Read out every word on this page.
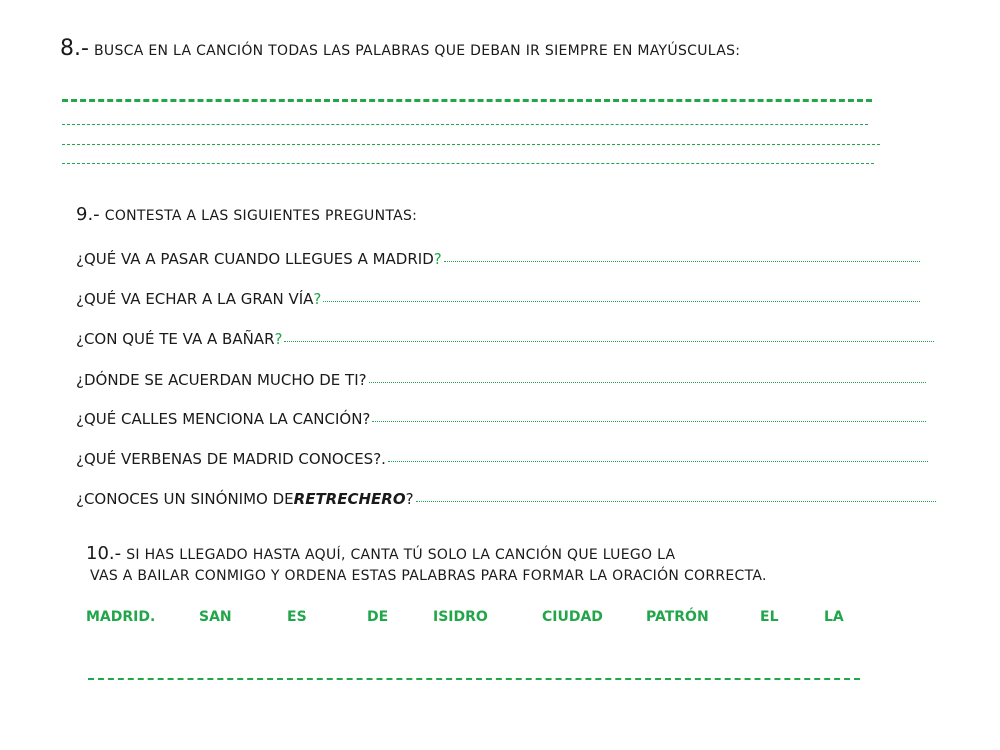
8.- BUSCA EN LA CANCIÓN TODAS LAS PALABRAS QUE DEBAN IR SIEMPRE EN MAYÚSCULAS:
9.- CONTESTA A LAS SIGUIENTES PREGUNTAS:
¿QUÉ VA A PASAR CUANDO LLEGUES A MADRID ?
¿QUÉ VA ECHAR A LA GRAN VÍA ?
¿CON QUÉ TE VA A BAÑAR ?
¿DÓNDE SE ACUERDAN MUCHO DE TI?
¿QUÉ CALLES MENCIONA LA CANCIÓN?
¿QUÉ VERBENAS DE MADRID CONOCES?.
¿CONOCES UN SINÓNIMO DE RETRECHERO ?
10.- SI HAS LLEGADO HASTA AQUÍ, CANTA TÚ SOLO LA CANCIÓN QUE LUEGO LA
VAS A BAILAR CONMIGO Y ORDENA ESTAS PALABRAS PARA FORMAR LA ORACIÓN CORRECTA.
MADRID.	SAN	ES	DE	ISIDRO	CIUDAD	PATRÓN	EL	LA
